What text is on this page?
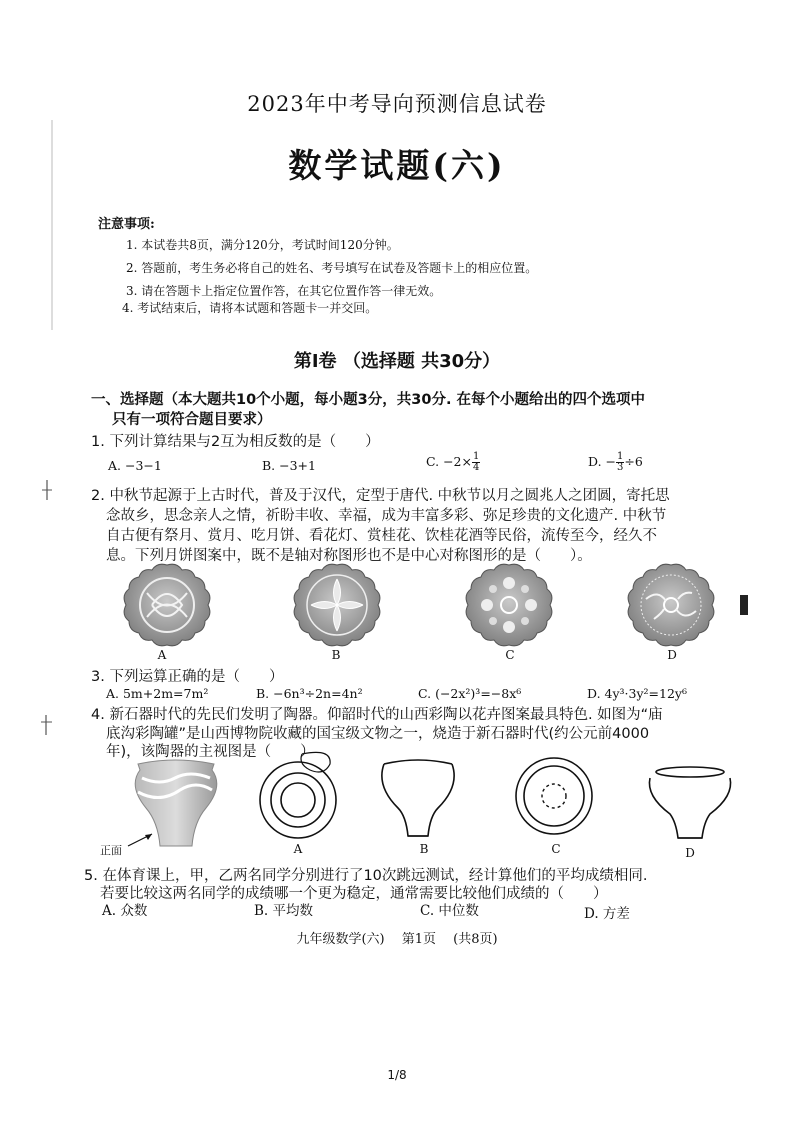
2023年中考导向预测信息试卷
数学试题(六)
注意事项:
1. 本试卷共8页，满分120分，考试时间120分钟。
2. 答题前，考生务必将自己的姓名、考号填写在试卷及答题卡上的相应位置。
3. 请在答题卡上指定位置作答，在其它位置作答一律无效。
4. 考试结束后，请将本试题和答题卡一并交回。
第Ⅰ卷 （选择题 共30分）
一、选择题（本大题共10个小题，每小题3分，共30分. 在每个小题给出的四个选项中
只有一项符合题目要求）
1. 下列计算结果与2互为相反数的是（　　）
A. −3−1	B. −3+1	C. $-2\times \frac{1}{4}$	D. − $\frac{1}{3} \div 6$
2. 中秋节起源于上古时代，普及于汉代，定型于唐代. 中秋节以月之圆兆人之团圆，寄托思
念故乡，思念亲人之情，祈盼丰收、幸福，成为丰富多彩、弥足珍贵的文化遗产. 中秋节
自古便有祭月、赏月、吃月饼、看花灯、赏桂花、饮桂花酒等民俗，流传至今，经久不
息。下列月饼图案中，既不是轴对称图形也不是中心对称图形的是（　　）。
A	B	C	D
3. 下列运算正确的是（　　）
A. 5m+2m=7m²	B. −6n³÷2n=4n²	C. (−2x²)³=−8x⁶	D. 4y³·3y²=12y⁶
4. 新石器时代的先民们发明了陶器。仰韶时代的山西彩陶以花卉图案最具特色. 如图为“庙
底沟彩陶罐”是山西博物院收藏的国宝级文物之一，烧造于新石器时代(约公元前4000
年)，该陶器的主视图是（　　）
正面	A	B	C	D
5. 在体育课上，甲，乙两名同学分别进行了10次跳远测试，经计算他们的平均成绩相同.
若要比较这两名同学的成绩哪一个更为稳定，通常需要比较他们成绩的（　　）
A. 众数	B. 平均数	C. 中位数	D. 方差
九年级数学(六)　 第1页　 (共8页)
1/8
